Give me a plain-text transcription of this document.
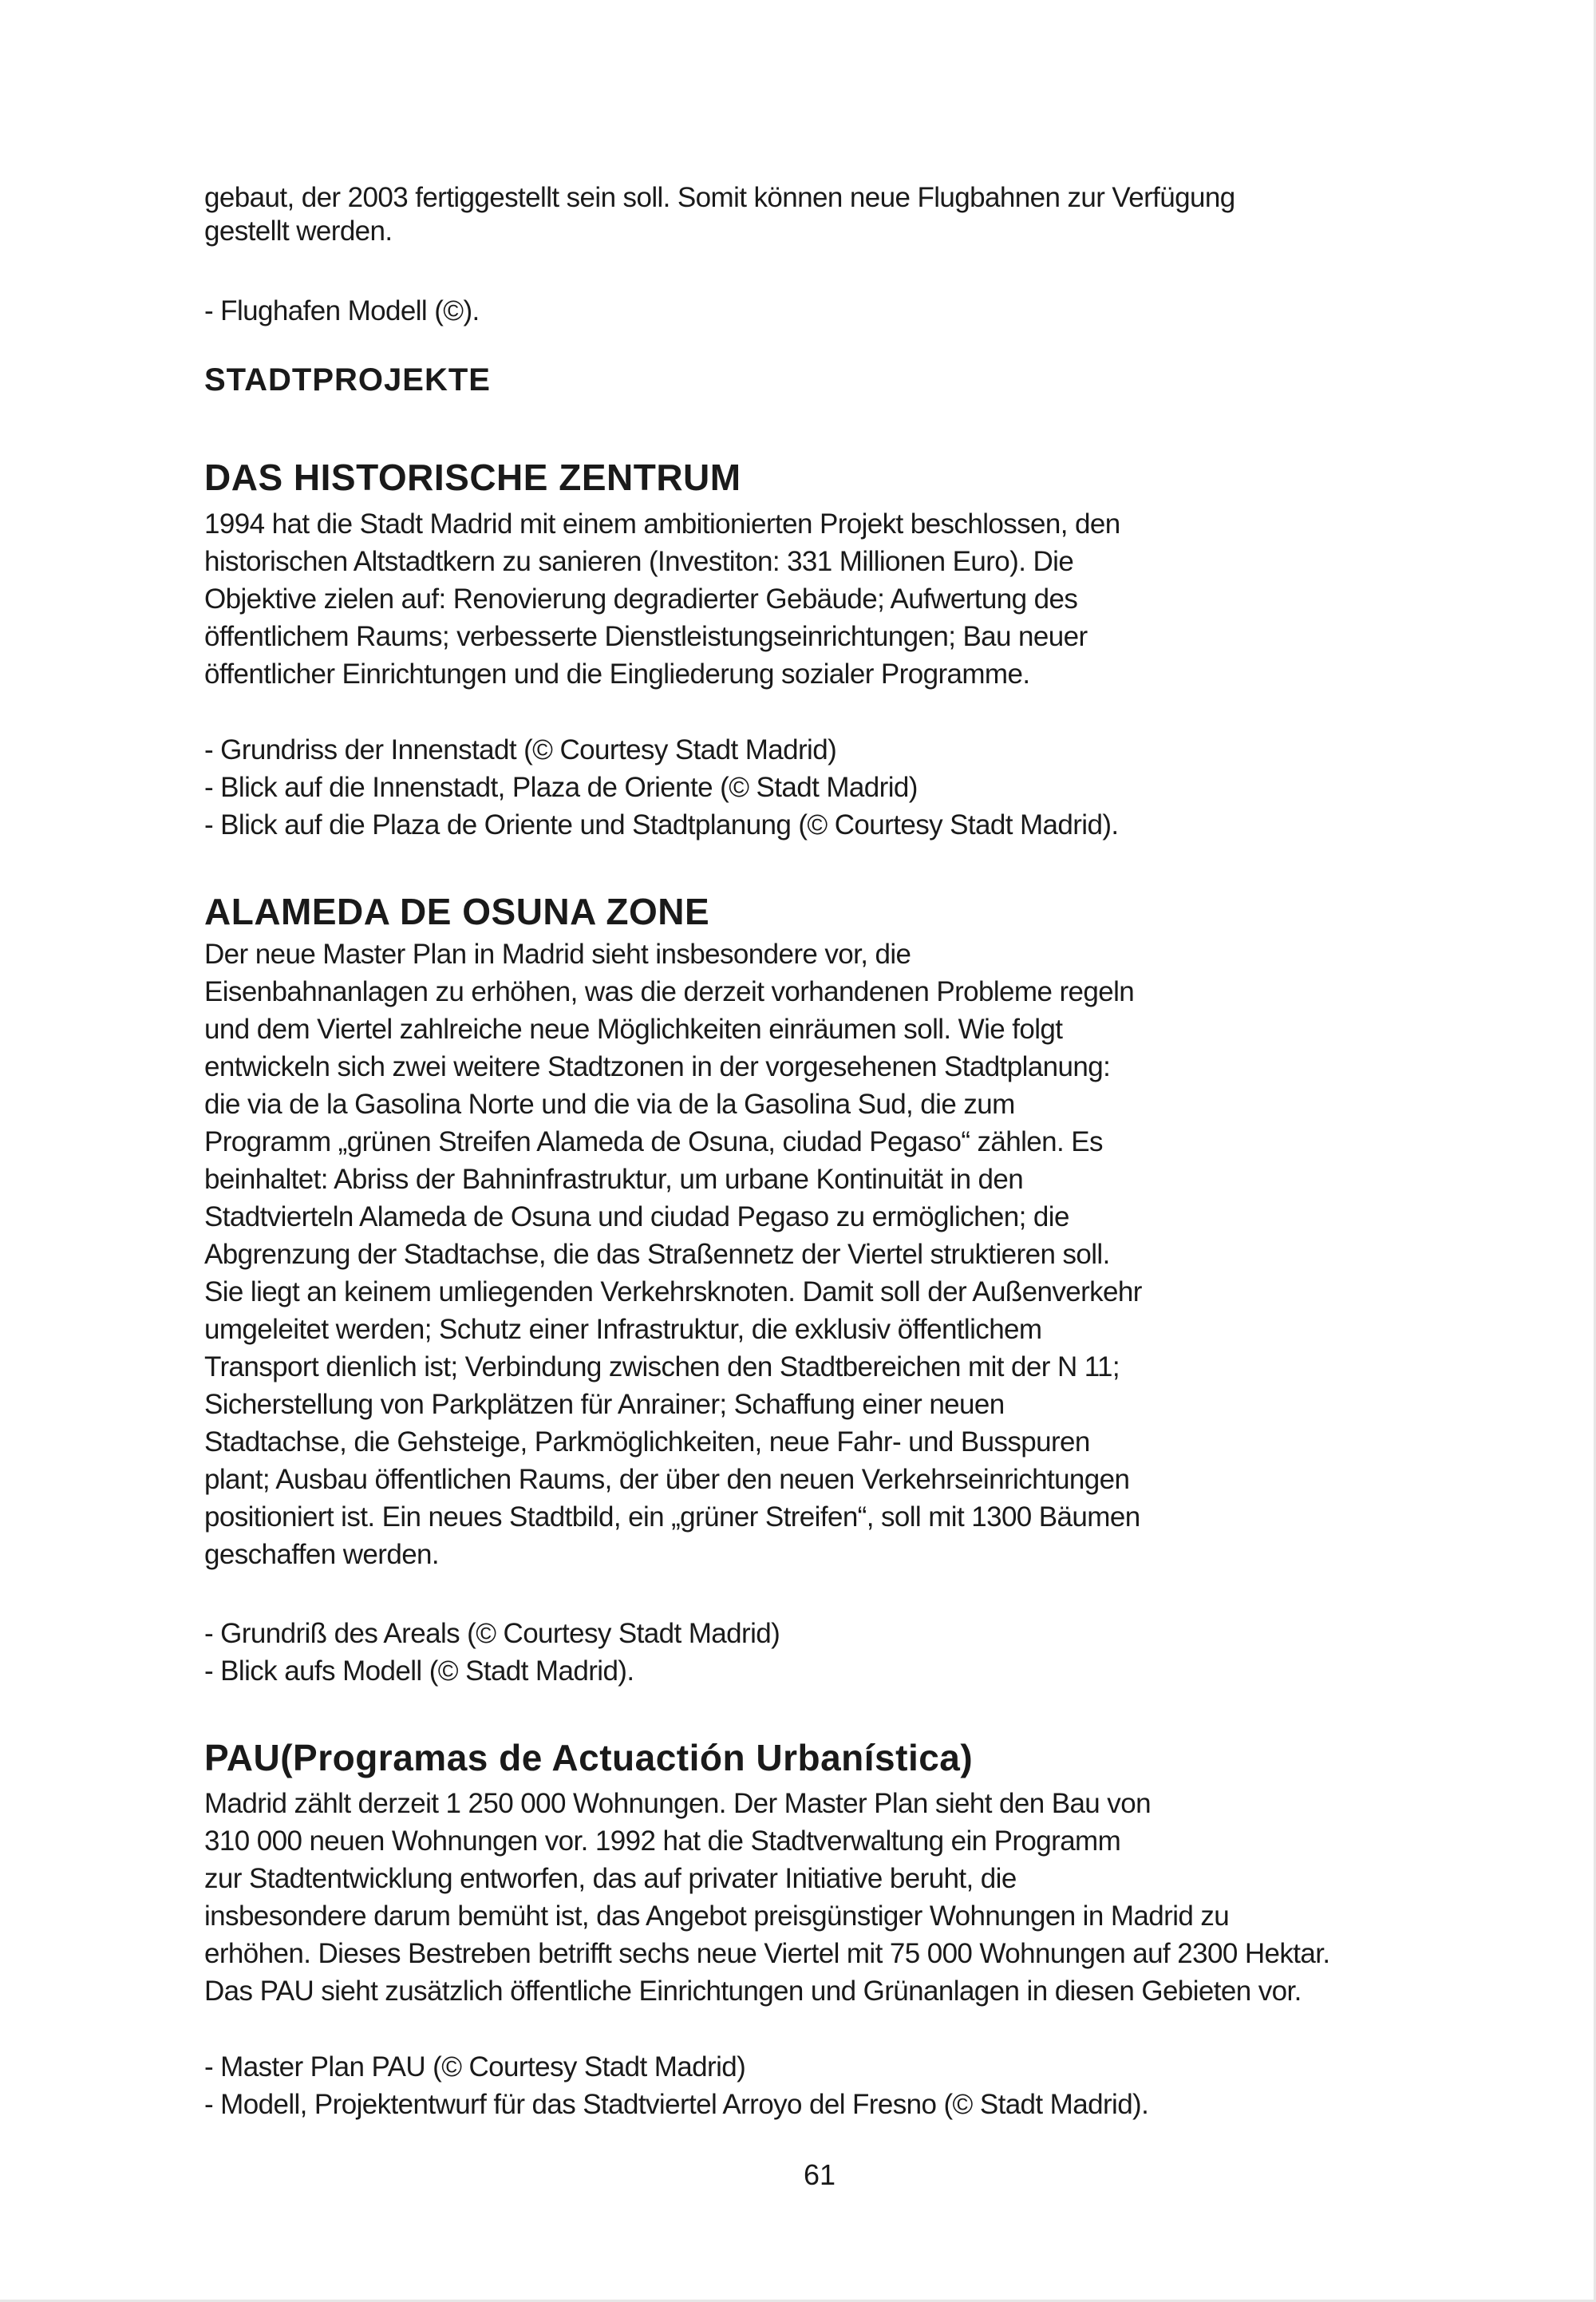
gebaut, der 2003 fertiggestellt sein soll. Somit können neue Flugbahnen zur Verfügung
gestellt werden.
- Flughafen Modell (©).
STADTPROJEKTE
DAS HISTORISCHE ZENTRUM
1994 hat die Stadt Madrid mit einem ambitionierten Projekt beschlossen, den
historischen Altstadtkern zu sanieren (Investiton: 331 Millionen Euro). Die
Objektive zielen auf: Renovierung degradierter Gebäude; Aufwertung des
öffentlichem Raums; verbesserte Dienstleistungseinrichtungen; Bau neuer
öffentlicher Einrichtungen und die Eingliederung sozialer Programme.
- Grundriss der Innenstadt (© Courtesy Stadt Madrid)
- Blick auf die Innenstadt, Plaza de Oriente (© Stadt Madrid)
- Blick auf die Plaza de Oriente und Stadtplanung (© Courtesy Stadt Madrid).
ALAMEDA DE OSUNA ZONE
Der neue Master Plan in Madrid sieht insbesondere vor, die
Eisenbahnanlagen zu erhöhen, was die derzeit vorhandenen Probleme regeln
und dem Viertel zahlreiche neue Möglichkeiten einräumen soll. Wie folgt
entwickeln sich zwei weitere Stadtzonen in der vorgesehenen Stadtplanung:
die via de la Gasolina Norte und die via de la Gasolina Sud, die zum
Programm „grünen Streifen Alameda de Osuna, ciudad Pegaso“ zählen. Es
beinhaltet: Abriss der Bahninfrastruktur, um urbane Kontinuität in den
Stadtvierteln Alameda de Osuna und ciudad Pegaso zu ermöglichen; die
Abgrenzung der Stadtachse, die das Straßennetz der Viertel struktieren soll.
Sie liegt an keinem umliegenden Verkehrsknoten. Damit soll der Außenverkehr
umgeleitet werden; Schutz einer Infrastruktur, die exklusiv öffentlichem
Transport dienlich ist; Verbindung zwischen den Stadtbereichen mit der N 11;
Sicherstellung von Parkplätzen für Anrainer; Schaffung einer neuen
Stadtachse, die Gehsteige, Parkmöglichkeiten, neue Fahr- und Busspuren
plant; Ausbau öffentlichen Raums, der über den neuen Verkehrseinrichtungen
positioniert ist. Ein neues Stadtbild, ein „grüner Streifen“, soll mit 1300 Bäumen
geschaffen werden.
- Grundriß des Areals (© Courtesy Stadt Madrid)
- Blick aufs Modell (© Stadt Madrid).
PAU(Programas de Actuactión Urbanística)
Madrid zählt derzeit 1 250 000 Wohnungen. Der Master Plan sieht den Bau von
310 000 neuen Wohnungen vor. 1992 hat die Stadtverwaltung ein Programm
zur Stadtentwicklung entworfen, das auf privater Initiative beruht, die
insbesondere darum bemüht ist, das Angebot preisgünstiger Wohnungen in Madrid zu
erhöhen. Dieses Bestreben betrifft sechs neue Viertel mit 75 000 Wohnungen auf 2300 Hektar.
Das PAU sieht zusätzlich öffentliche Einrichtungen und Grünanlagen in diesen Gebieten vor.
- Master Plan PAU (© Courtesy Stadt Madrid)
- Modell, Projektentwurf für das Stadtviertel Arroyo del Fresno (© Stadt Madrid).
61
